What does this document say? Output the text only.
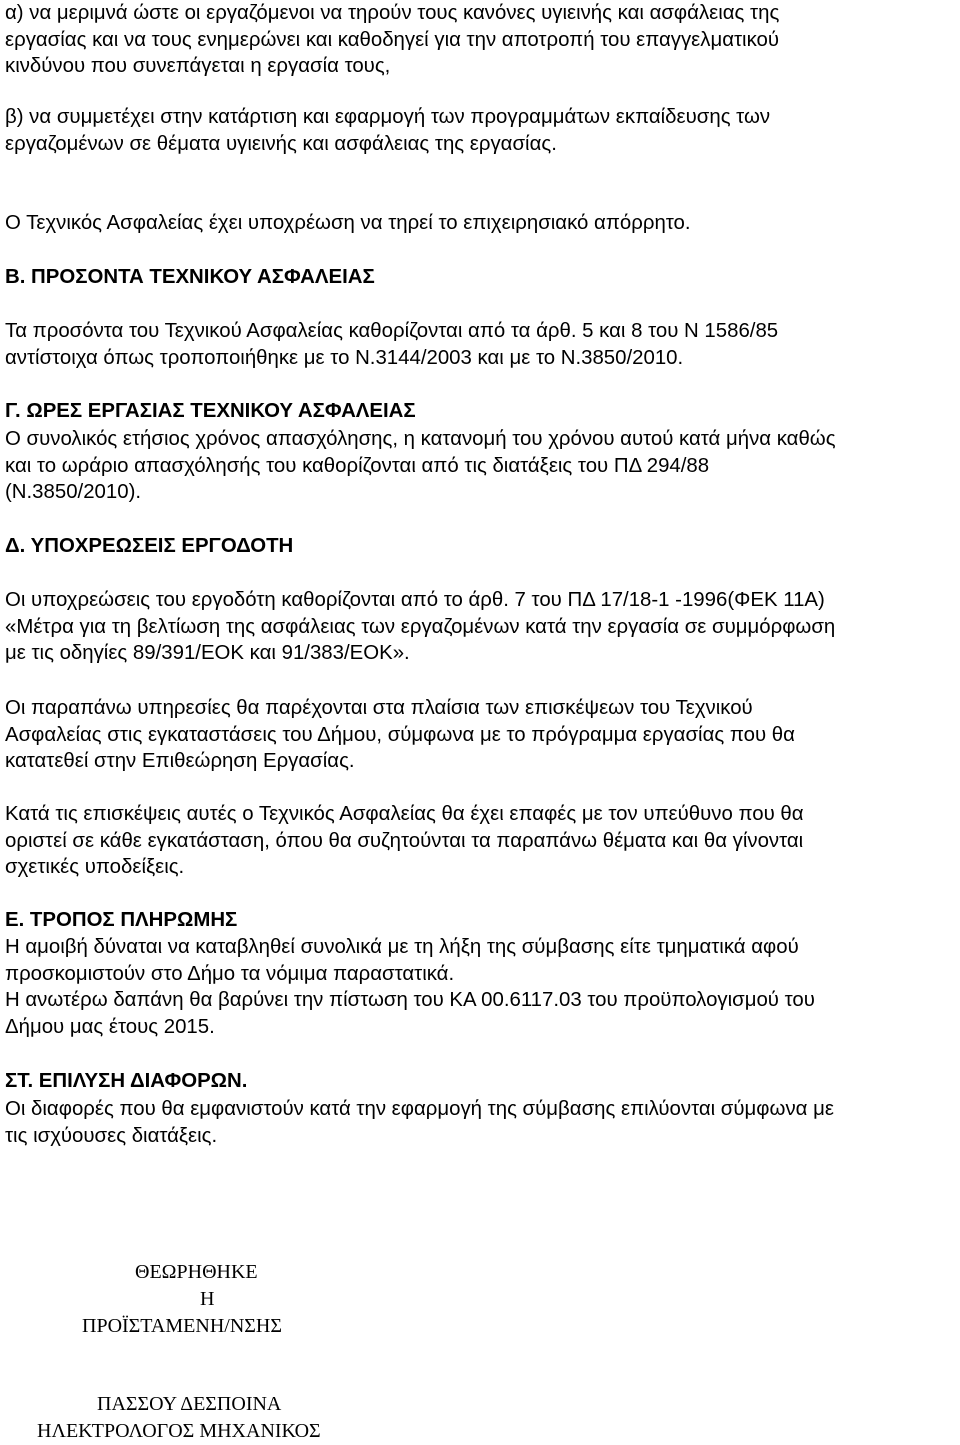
α) να μεριμνά ώστε οι εργαζόμενοι να τηρούν τους κανόνες υγιεινής και ασφάλειας της
εργασίας και να τους ενημερώνει και καθοδηγεί για την αποτροπή του επαγγελματικού
κινδύνου που συνεπάγεται η εργασία τους,

β) να συμμετέχει στην κατάρτιση και εφαρμογή των προγραμμάτων εκπαίδευσης των
εργαζομένων σε θέματα υγιεινής και ασφάλειας της εργασίας.

Ο Τεχνικός Ασφαλείας έχει υποχρέωση να τηρεί το επιχειρησιακό απόρρητο.

Β. ΠΡΟΣΟΝΤΑ ΤΕΧΝΙΚΟΥ ΑΣΦΑΛΕΙΑΣ

Τα προσόντα του Τεχνικού Ασφαλείας καθορίζονται από τα άρθ. 5 και 8 του Ν 1586/85
αντίστοιχα όπως τροποποιήθηκε με το Ν.3144/2003 και με το Ν.3850/2010.

Γ. ΩΡΕΣ ΕΡΓΑΣΙΑΣ ΤΕΧΝΙΚΟΥ ΑΣΦΑΛΕΙΑΣ

Ο συνολικός ετήσιος χρόνος απασχόλησης, η κατανομή του χρόνου αυτού κατά μήνα καθώς
και το ωράριο απασχόλησής του καθορίζονται από τις διατάξεις του ΠΔ 294/88
(Ν.3850/2010).

Δ. ΥΠΟΧΡΕΩΣΕΙΣ ΕΡΓΟΔΟΤΗ

Οι υποχρεώσεις του εργοδότη καθορίζονται από το άρθ. 7 του ΠΔ 17/18-1 -1996(ΦΕΚ 11Α)
«Μέτρα για τη βελτίωση της ασφάλειας των εργαζομένων κατά την εργασία σε συμμόρφωση
με τις οδηγίες 89/391/ΕΟΚ και 91/383/ΕΟΚ».

Οι παραπάνω υπηρεσίες θα παρέχονται στα πλαίσια των επισκέψεων του Τεχνικού
Ασφαλείας στις εγκαταστάσεις του Δήμου, σύμφωνα με το πρόγραμμα εργασίας που θα
κατατεθεί στην Επιθεώρηση Εργασίας.

Κατά τις επισκέψεις αυτές ο Τεχνικός Ασφαλείας θα έχει επαφές με τον υπεύθυνο που θα
οριστεί σε κάθε εγκατάσταση, όπου θα συζητούνται τα παραπάνω θέματα και θα γίνονται
σχετικές υποδείξεις.

Ε. ΤΡΟΠΟΣ ΠΛΗΡΩΜΗΣ

Η αμοιβή δύναται να καταβληθεί συνολικά με τη λήξη της σύμβασης είτε τμηματικά αφού
προσκομιστούν στο Δήμο τα νόμιμα παραστατικά.
Η ανωτέρω δαπάνη θα βαρύνει την πίστωση του ΚΑ 00.6117.03 του προϋπολογισμού του
Δήμου μας έτους 2015.

ΣΤ. ΕΠΙΛΥΣΗ ΔΙΑΦΟΡΩΝ.

Οι διαφορές που θα εμφανιστούν κατά την εφαρμογή της σύμβασης επιλύονται σύμφωνα με
τις ισχύουσες διατάξεις.

ΘΕΩΡΗΘΗΚΕ
Η
ΠΡΟΪΣΤΑΜΕΝΗ/ΝΣΗΣ
ΠΑΣΣΟΥ ΔΕΣΠΟΙΝΑ
ΗΛΕΚΤΡΟΛΟΓΟΣ ΜΗΧΑΝΙΚΟΣ
